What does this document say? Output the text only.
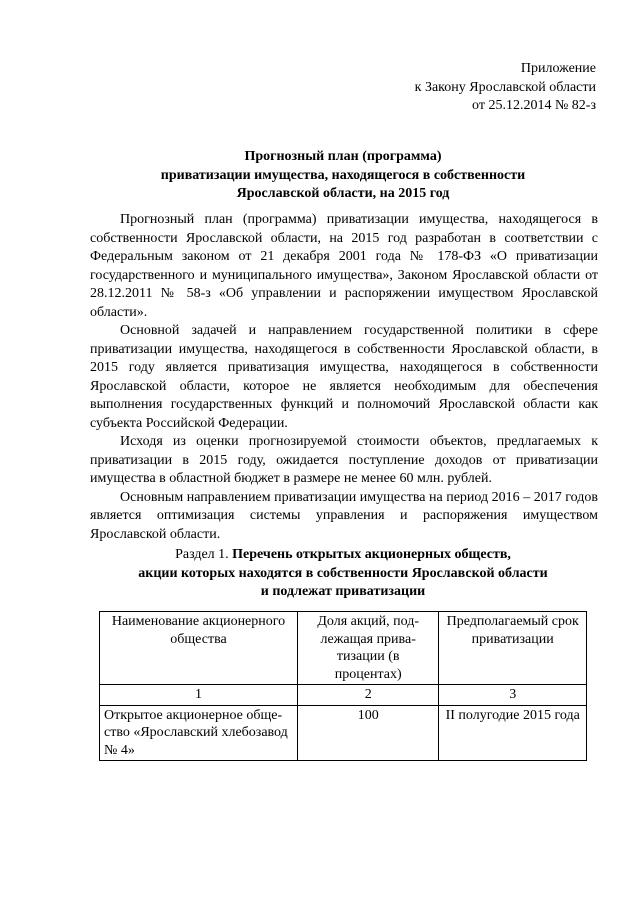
Приложение
к Закону Ярославской области
от 25.12.2014 № 82-з
Прогнозный план (программа)
приватизации имущества, находящегося в собственности
Ярославской области, на 2015 год

Прогнозный план (программа) приватизации имущества, находящегося в собственности Ярославской области, на 2015 год разработан в соответствии с Федеральным законом от 21 декабря 2001 года № 178-ФЗ «О приватизации государственного и муниципального имущества», Законом Ярославской области от 28.12.2011 № 58-з «Об управлении и распоряжении имуществом Ярославской области».

Основной задачей и направлением государственной политики в сфере приватизации имущества, находящегося в собственности Ярославской области, в 2015 году является приватизация имущества, находящегося в собственности Ярославской области, которое не является необходимым для обеспечения выполнения государственных функций и полномочий Ярославской области как субъекта Российской Федерации.

Исходя из оценки прогнозируемой стоимости объектов, предлагаемых к приватизации в 2015 году, ожидается поступление доходов от приватизации имущества в областной бюджет в размере не менее 60 млн. рублей.

Основным направлением приватизации имущества на период 2016 – 2017 годов является оптимизация системы управления и распоряжения имуществом Ярославской области.

Раздел 1. Перечень открытых акционерных обществ,
акции которых находятся в собственности Ярославской области
и подлежат приватизации
Наименование акционерного общества	Доля акций, подлежащая приватизации (в процентах)	Предполагаемый срок приватизации
1	2	3
Открытое акционерное общество «Ярославский хлебозавод № 4»	100	II полугодие 2015 года
